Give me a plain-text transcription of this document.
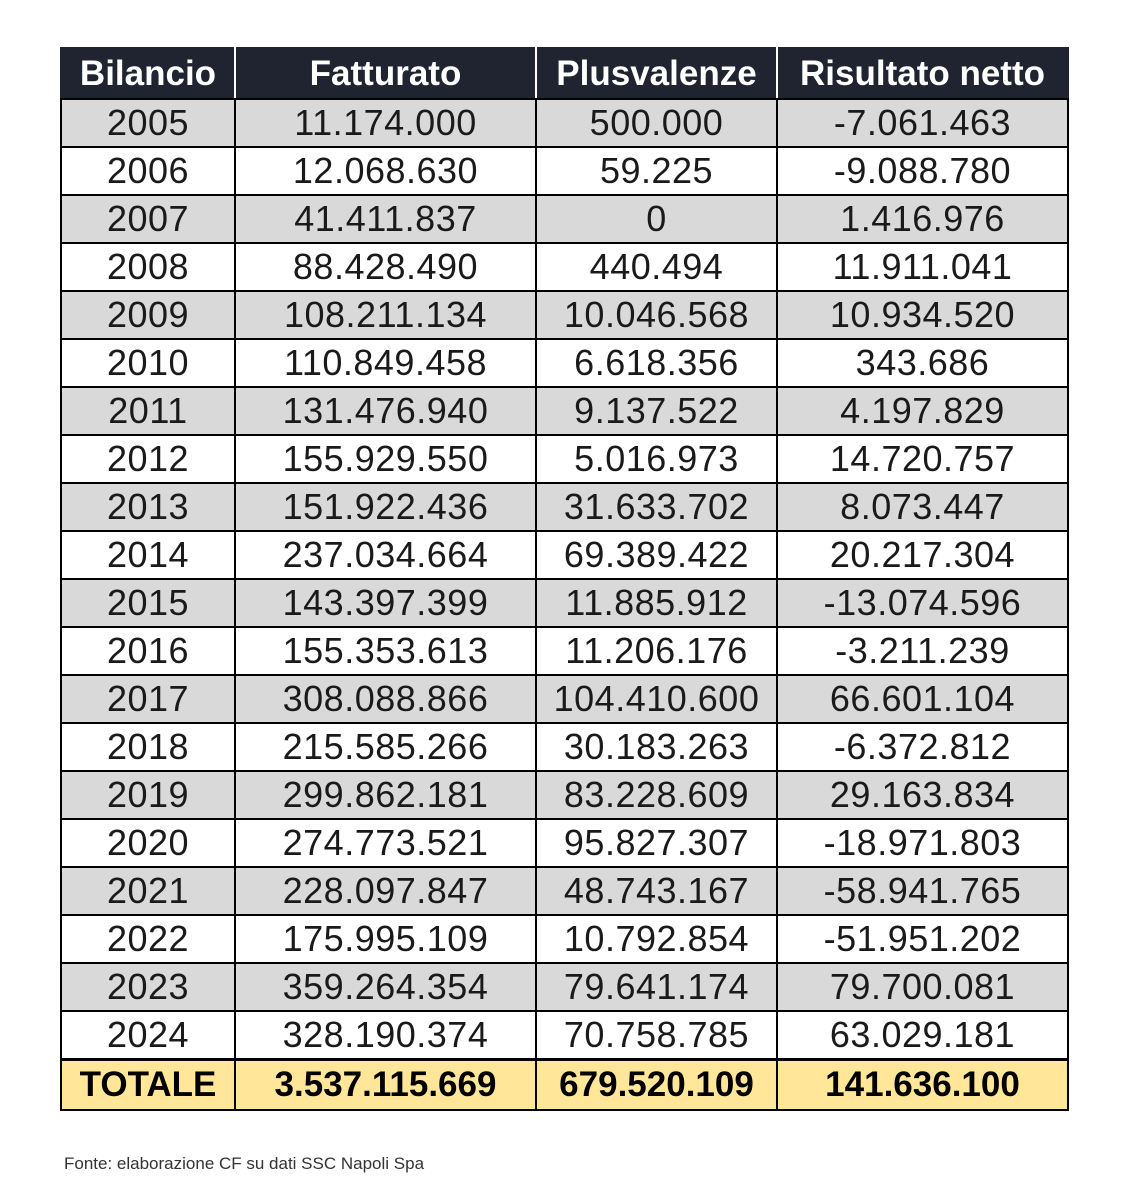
Bilancio	Fatturato	Plusvalenze	Risultato netto
2005	11.174.000	500.000	-7.061.463
2006	12.068.630	59.225	-9.088.780
2007	41.411.837	0	1.416.976
2008	88.428.490	440.494	11.911.041
2009	108.211.134	10.046.568	10.934.520
2010	110.849.458	6.618.356	343.686
2011	131.476.940	9.137.522	4.197.829
2012	155.929.550	5.016.973	14.720.757
2013	151.922.436	31.633.702	8.073.447
2014	237.034.664	69.389.422	20.217.304
2015	143.397.399	11.885.912	-13.074.596
2016	155.353.613	11.206.176	-3.211.239
2017	308.088.866	104.410.600	66.601.104
2018	215.585.266	30.183.263	-6.372.812
2019	299.862.181	83.228.609	29.163.834
2020	274.773.521	95.827.307	-18.971.803
2021	228.097.847	48.743.167	-58.941.765
2022	175.995.109	10.792.854	-51.951.202
2023	359.264.354	79.641.174	79.700.081
2024	328.190.374	70.758.785	63.029.181
TOTALE	3.537.115.669	679.520.109	141.636.100
Fonte: elaborazione CF su dati SSC Napoli Spa
